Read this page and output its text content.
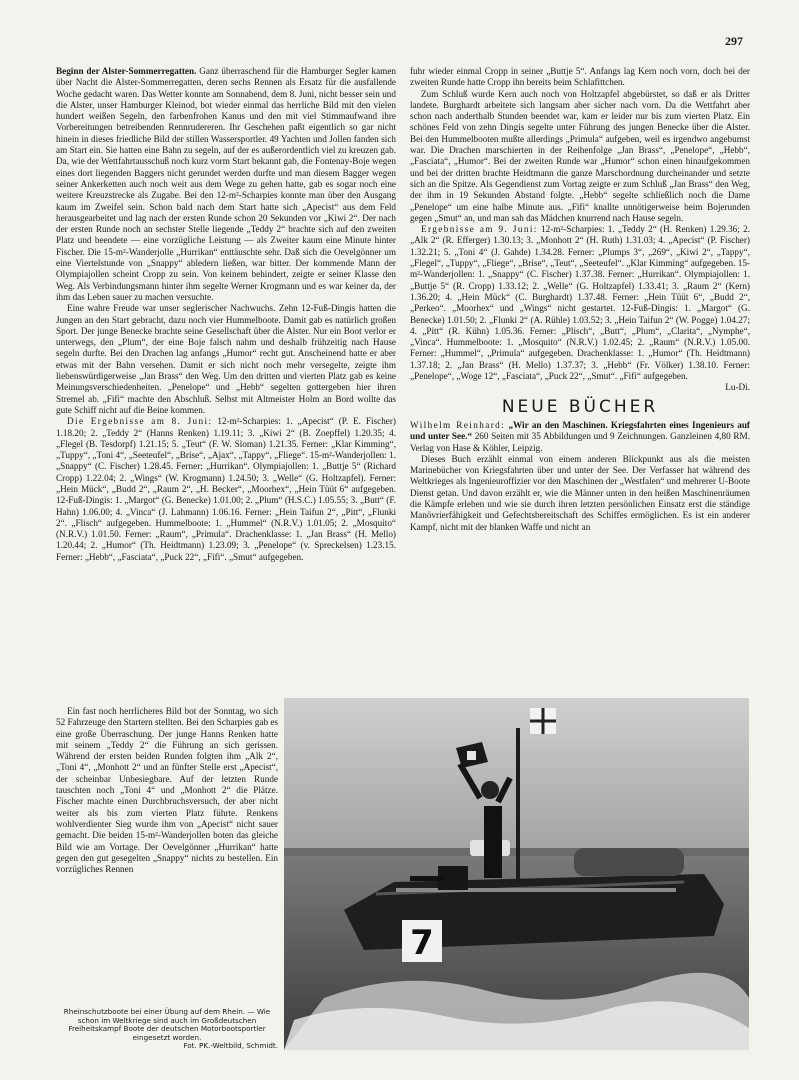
297

Beginn der Alster-Sommerregatten. Ganz überraschend für die Hamburger Segler kamen über Nacht die Alster-Sommerregatten, deren sechs Rennen als Ersatz für die ausfallende Woche gedacht waren. Das Wetter konnte am Sonnabend, dem 8. Juni, nicht besser sein und die Alster, unser Hamburger Kleinod, bot wieder einmal das herrliche Bild mit den vielen hundert weißen Segeln, den farbenfrohen Kanus und den mit viel Stimmaufwand ihre Vorbereitungen betreibenden Rennrudereren. Ihr Geschehen paßt eigentlich so gar nicht hinein in dieses friedliche Bild der stillen Wassersportler. 49 Yachten und Jollen fanden sich am Start ein. Sie hatten eine Bahn zu segeln, auf der es außerordentlich viel zu kreuzen gab. Da, wie der Wettfahrtausschuß noch kurz vorm Start bekannt gab, die Fontenay-Boje wegen eines dort liegenden Baggers nicht gerundet werden durfte und man diesem Bagger wegen seiner Ankerketten auch noch weit aus dem Wege zu gehen hatte, gab es sogar noch eine weitere Kreuzstrecke als Zugabe. Bei den 12-m²-Scharpies konnte man über den Ausgang kaum im Zweifel sein. Schon bald nach dem Start hatte sich „Apecist“ aus dem Feld herausgearbeitet und lag nach der ersten Runde schon 20 Sekunden vor „Kiwi 2“. Der nach der ersten Runde noch an sechster Stelle liegende „Teddy 2“ brachte sich auf den zweiten Platz und beendete — eine vorzügliche Leistung — als Zweiter kaum eine Minute hinter Fischer. Die 15-m²-Wanderjolle „Hurrikan“ enttäuschte sehr. Daß sich die Oevelgönner um eine Viertelstunde von „Snappy“ abledern ließen, war bitter. Der kommende Mann der Olympiajollen scheint Cropp zu sein. Von keinem behindert, zeigte er seiner Klasse den Weg. Als Verbindungsmann hinter ihm segelte Werner Krogmann und es war keiner da, der ihm das Leben sauer zu machen versuchte.

Eine wahre Freude war unser seglerischer Nachwuchs. Zehn 12-Fuß-Dingis hatten die Jungen an den Start gebracht, dazu noch vier Hummelboote. Damit gab es natürlich großen Sport. Der junge Benecke brachte seine Gesellschaft über die Alster. Nur ein Boot verlor er unterwegs, den „Plum“, der eine Boje falsch nahm und deshalb frühzeitig nach Hause segeln durfte. Bei den Drachen lag anfangs „Humor“ recht gut. Anscheinend hatte er aber etwas mit der Bahn versehen. Damit er sich nicht noch mehr versegelte, zeigte ihm liebenswürdigerweise „Jan Brass“ den Weg. Um den dritten und vierten Platz gab es keine Meinungsverschiedenheiten. „Penelope“ und „Hebb“ segelten gottergeben hier ihren Stremel ab. „Fifi“ machte den Abschluß. Selbst mit Altmeister Holm an Bord wollte das gute Schiff nicht auf die Beine kommen.

Die Ergebnisse am 8. Juni: 12-m²-Scharpies: 1. „Apecist“ (P. E. Fischer) 1.18.20; 2. „Teddy 2“ (Hanns Renken) 1.19.11; 3. „Kiwi 2“ (B. Zoepffel) 1.20.35; 4. „Flegel (B. Tesdorpf) 1.21.15; 5. „Teut“ (F. W. Sloman) 1.21.35. Ferner: „Klar Kimming“, „Tuppy“, „Toni 4“, „Seeteufel“, „Brise“, „Ajax“, „Tappy“, „Fliege“. 15-m²-Wanderjollen: 1. „Snappy“ (C. Fischer) 1.28.45. Ferner: „Hurrikan“. Olympiajollen: 1. „Buttje 5“ (Richard Cropp) 1.22.04; 2. „Wings“ (W. Krogmann) 1.24.50; 3. „Welle“ (G. Holtzapfel). Ferner: „Hein Mück“, „Budd 2“, „Raum 2“, „H. Becker“, „Moorhex“, „Hein Tüüt 6“ aufgegeben. 12-Fuß-Dingis: 1. „Margot“ (G. Benecke) 1.01.00; 2. „Plum“ (H.S.C.) 1.05.55; 3. „Butt“ (F. Hahn) 1.06.00; 4. „Vinca“ (J. Lahmann) 1.06.16. Ferner: „Hein Taifun 2“, „Pitt“, „Flunki 2“. „Flisch“ aufgegeben. Hummelboote: 1. „Hummel“ (N.R.V.) 1.01.05; 2. „Mosquito“ (N.R.V.) 1.01.50. Ferner: „Raum“, „Primula“. Drachenklasse: 1. „Jan Brass“ (H. Mello) 1.20.44; 2. „Humor“ (Th. Heidtmann) 1.23.09; 3. „Penelope“ (v. Spreckelsen) 1.23.15. Ferner: „Hebb“, „Fasciata“, „Puck 22“, „Fifi“. „Smut“ aufgegeben.

Ein fast noch herrlicheres Bild bot der Sonntag, wo sich 52 Fahrzeuge den Startern stellten. Bei den Scharpies gab es eine große Überraschung. Der junge Hanns Renken hatte mit seinem „Teddy 2“ die Führung an sich gerissen. Während der ersten beiden Runden folgten ihm „Alk 2“, „Toni 4“, „Monhott 2“ und an fünfter Stelle erst „Apecist“, der scheinbar Unbesiegbare. Auf der letzten Runde tauschten noch „Toni 4“ und „Monhott 2“ die Plätze. Fischer machte einen Durchbruchsversuch, der aber nicht weiter als bis zum vierten Platz führte. Renkens wohlverdienter Sieg wurde ihm von „Apecist“ nicht sauer gemacht. Die beiden 15-m²-Wanderjollen boten das gleiche Bild wie am Vortage. Der Oevelgönner „Hurrikan“ hatte gegen den gut gesegelten „Snappy“ nichts zu bestellen. Ein vorzügliches Rennen

fuhr wieder einmal Cropp in seiner „Buttje 5“. Anfangs lag Kern noch vorn, doch bei der zweiten Runde hatte Cropp ihn bereits beim Schlafittchen.

Zum Schluß wurde Kern auch noch von Holtzapfel abgebürstet, so daß er als Dritter landete. Burghardt arbeitete sich langsam aber sicher nach vorn. Da die Wettfahrt aber schon nach anderthalb Stunden beendet war, kam er leider nur bis zum vierten Platz. Ein schönes Feld von zehn Dingis segelte unter Führung des jungen Benecke über die Alster. Bei den Hummelbooten mußte allerdings „Primula“ aufgeben, weil es irgendwo angebumst war. Die Drachen marschierten in der Reihenfolge „Jan Brass“, „Penelope“, „Hebb“, „Fasciata“, „Humor“. Bei der zweiten Runde war „Humor“ schon einen hinaufgekommen und bei der dritten brachte Heidtmann die ganze Marschordnung durcheinander und setzte sich an die Spitze. Als Gegendienst zum Vortag zeigte er zum Schluß „Jan Brass“ den Weg, der ihm in 19 Sekunden Abstand folgte. „Hebb“ segelte schließlich noch die Dame „Penelope“ um eine halbe Minute aus. „Fifi“ knallte unnötigerweise beim Bojerunden gegen „Smut“ an, und man sah das Mädchen knurrend nach Hause segeln.

Ergebnisse am 9. Juni: 12-m²-Scharpies: 1. „Teddy 2“ (H. Renken) 1.29.36; 2. „Alk 2“ (R. Efferger) 1.30.13; 3. „Monhott 2“ (H. Ruth) 1.31.03; 4. „Apecist“ (P. Fischer) 1.32.21; 5. „Toni 4“ (J. Gahde) 1.34.28. Ferner: „Plumps 3“, „269“, „Kiwi 2“, „Tappy“, „Flegel“, „Tuppy“, „Fliege“, „Brise“, „Teut“, „Seeteufel“. „Klar Kimming“ aufgegeben. 15-m²-Wanderjollen: 1. „Snappy“ (C. Fischer) 1.37.38. Ferner: „Hurrikan“. Olympiajollen: 1. „Buttje 5“ (R. Cropp) 1.33.12; 2. „Welle“ (G. Holtzapfel) 1.33.41; 3. „Raum 2“ (Kern) 1.36.20; 4. „Hein Mück“ (C. Burghardt) 1.37.48. Ferner: „Hein Tüüt 6“, „Budd 2“, „Perkeo“. „Moorhex“ und „Wings“ nicht gestartet. 12-Fuß-Dingis: 1. „Margot“ (G. Benecke) 1.01.50; 2. „Flunki 2“ (A. Rühle) 1.03.52; 3. „Hein Taifun 2“ (W. Pogge) 1.04.27; 4. „Pitt“ (R. Kühn) 1.05.36. Ferner: „Plisch“, „Butt“, „Plum“, „Clarita“, „Nymphe“, „Vinca“. Hummelboote: 1. „Mosquito“ (N.R.V.) 1.02.45; 2. „Raum“ (N.R.V.) 1.05.00. Ferner: „Hummel“, „Primula“ aufgegeben. Drachenklasse: 1. „Humor“ (Th. Heidtmann) 1.37.18; 2. „Jan Brass“ (H. Mello) 1.37.37; 3. „Hebb“ (Fr. Völker) 1.38.10. Ferner: „Penelope“, „Woge 12“, „Fasciata“, „Puck 22“, „Smut“. „Fifi“ aufgegeben.

Lu-Di.

NEUE BÜCHER

Wilhelm Reinhard: „Wir an den Maschinen. Kriegsfahrten eines Ingenieurs auf und unter See.“ 260 Seiten mit 35 Abbildungen und 9 Zeichnungen. Ganzleinen 4,80 RM. Verlag von Hase & Köhler, Leipzig.

Dieses Buch erzählt einmal von einem anderen Blickpunkt aus als die meisten Marinebücher von Kriegsfahrten über und unter der See. Der Verfasser hat während des Weltkrieges als Ingenieuroffizier vor den Maschinen der „Westfalen“ und mehrerer U-Boote Dienst getan. Und davon erzählt er, wie die Männer unten in den heißen Maschinenräumen die Kämpfe erleben und wie sie durch ihren letzten persönlichen Einsatz erst die ständige Manövrierfähigkeit und Gefechtsbereitschaft des Schiffes ermöglichen. Es ist ein anderer Kampf, nicht mit der blanken Waffe und nicht an

7
Rheinschutzboote bei einer Übung auf dem Rhein. — Wie schon im Weltkriege sind auch im Großdeutschen Freiheitskampf Boote der deutschen Motorbootsportler eingesetzt worden.
Fot. PK.-Weltbild, Schmidt.
